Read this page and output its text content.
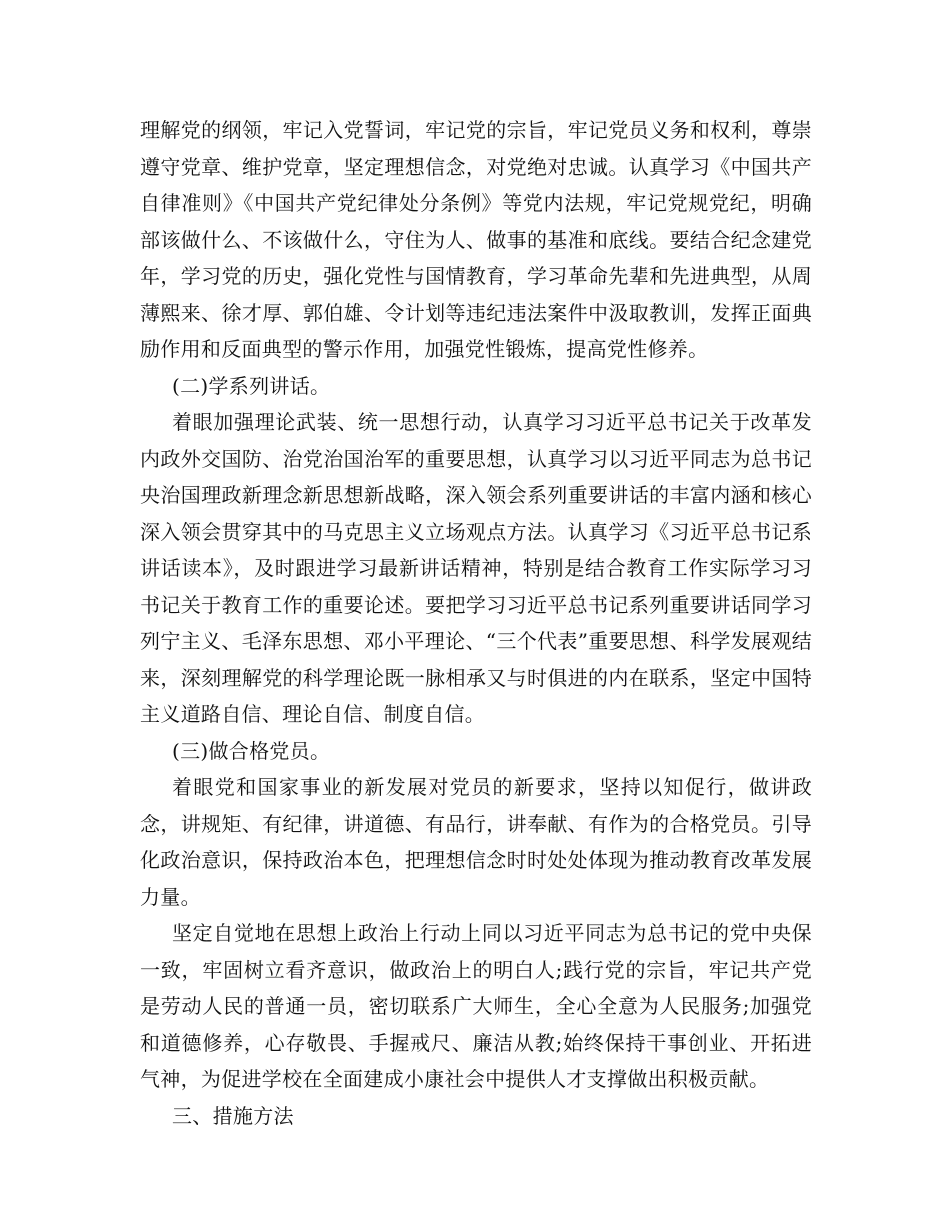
理解党的纲领，牢记入党誓词，牢记党的宗旨，牢记党员义务和权利，尊崇
遵守党章、维护党章，坚定理想信念，对党绝对忠诚。认真学习《中国共产
自律准则》《中国共产党纪律处分条例》等党内法规，牢记党规党纪，明确
部该做什么、不该做什么，守住为人、做事的基准和底线。要结合纪念建党
年，学习党的历史，强化党性与国情教育，学习革命先辈和先进典型，从周
薄熙来、徐才厚、郭伯雄、令计划等违纪违法案件中汲取教训，发挥正面典
励作用和反面典型的警示作用，加强党性锻炼，提高党性修养。
(二)学系列讲话。
着眼加强理论武装、统一思想行动，认真学习习近平总书记关于改革发
内政外交国防、治党治国治军的重要思想，认真学习以习近平同志为总书记
央治国理政新理念新思想新战略，深入领会系列重要讲话的丰富内涵和核心
深入领会贯穿其中的马克思主义立场观点方法。认真学习《习近平总书记系
讲话读本》，及时跟进学习最新讲话精神，特别是结合教育工作实际学习习
书记关于教育工作的重要论述。要把学习习近平总书记系列重要讲话同学习
列宁主义、毛泽东思想、邓小平理论、“三个代表”重要思想、科学发展观结
来，深刻理解党的科学理论既一脉相承又与时俱进的内在联系，坚定中国特
主义道路自信、理论自信、制度自信。
(三)做合格党员。
着眼党和国家事业的新发展对党员的新要求，坚持以知促行，做讲政
念，讲规矩、有纪律，讲道德、有品行，讲奉献、有作为的合格党员。引导
化政治意识，保持政治本色，把理想信念时时处处体现为推动教育改革发展
力量。
坚定自觉地在思想上政治上行动上同以习近平同志为总书记的党中央保
一致，牢固树立看齐意识，做政治上的明白人;践行党的宗旨，牢记共产党
是劳动人民的普通一员，密切联系广大师生，全心全意为人民服务;加强党
和道德修养，心存敬畏、手握戒尺、廉洁从教;始终保持干事创业、开拓进
气神，为促进学校在全面建成小康社会中提供人才支撑做出积极贡献。
三、措施方法
